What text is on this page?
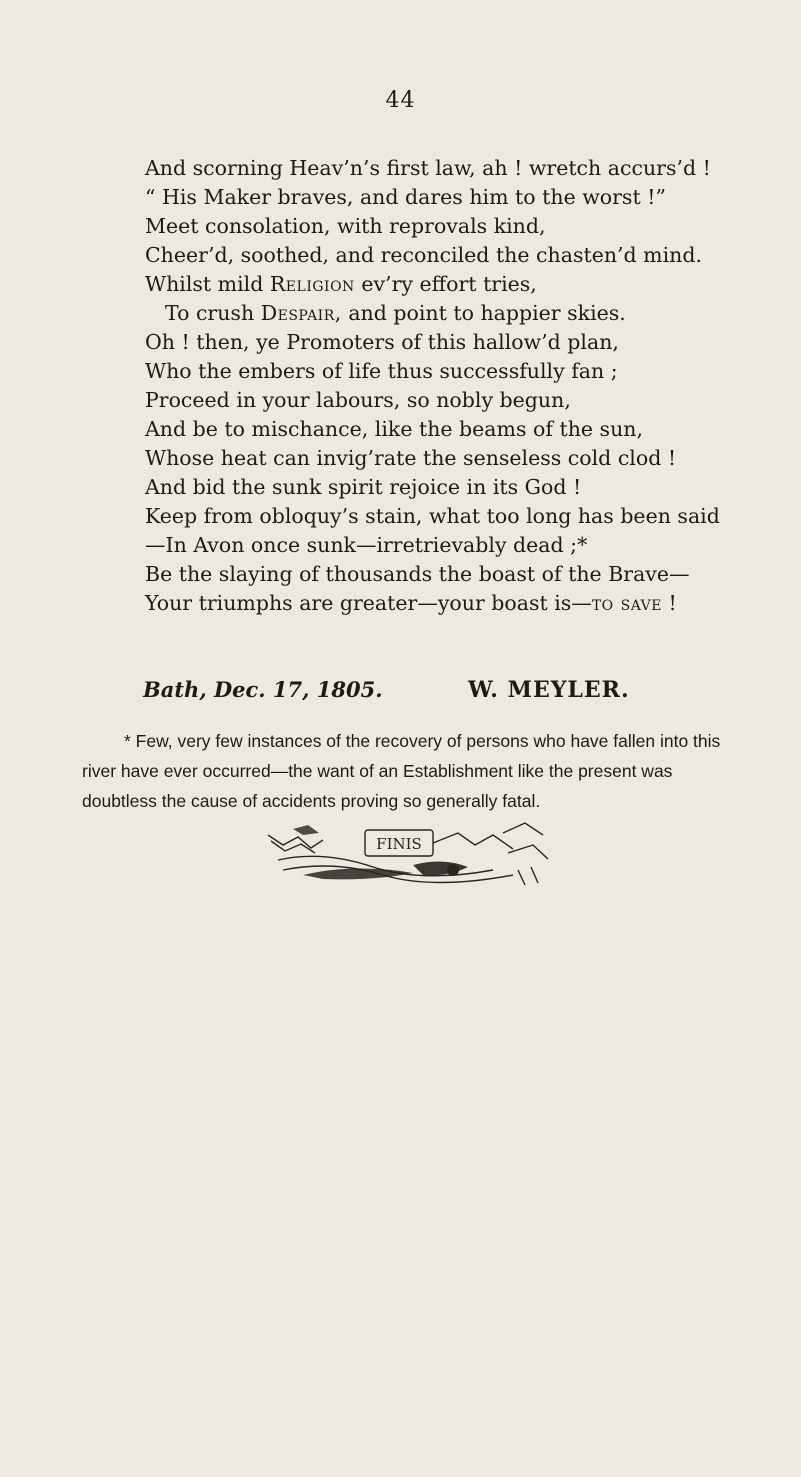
44
And scorning Heav’n’s first law, ah ! wretch accurs’d !
“ His Maker braves, and dares him to the worst !”
Meet consolation, with reprovals kind,
Cheer’d, soothed, and reconciled the chasten’d mind.
Whilst mild Religion ev’ry effort tries,
To crush Despair, and point to happier skies.
Oh ! then, ye Promoters of this hallow’d plan,
Who the embers of life thus successfully fan ;
Proceed in your labours, so nobly begun,
And be to mischance, like the beams of the sun,
Whose heat can invig’rate the senseless cold clod !
And bid the sunk spirit rejoice in its God !
Keep from obloquy’s stain, what too long has been said
—In Avon once sunk—irretrievably dead ;*
Be the slaying of thousands the boast of the Brave—
Your triumphs are greater—your boast is—to save !
Bath, Dec. 17, 1805.	W. MEYLER.
* Few, very few instances of the recovery of persons who have fallen into this river have ever occurred—the want of an Establishment like the present was doubtless the cause of accidents proving so generally fatal.
FINIS
